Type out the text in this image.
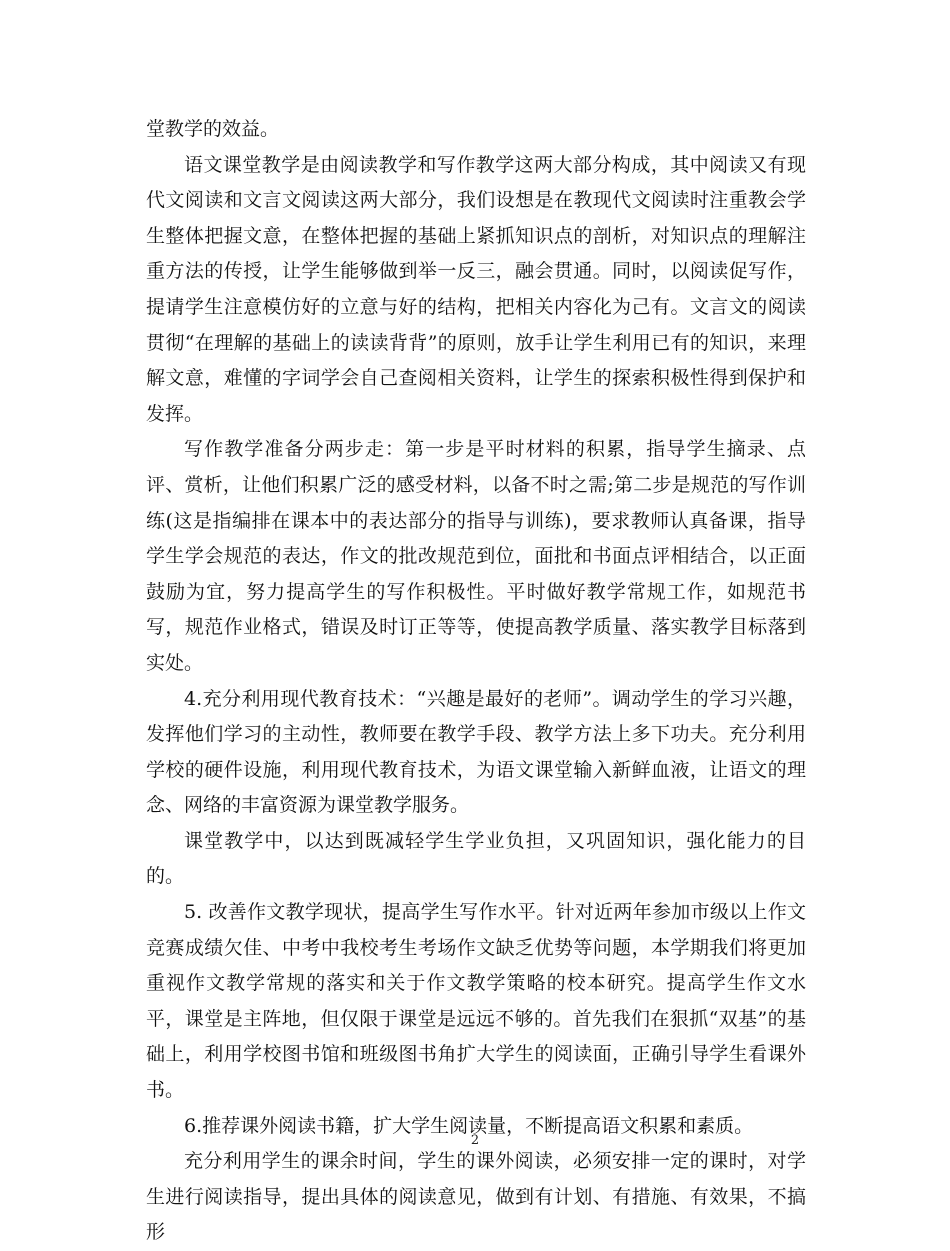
堂教学的效益。

语文课堂教学是由阅读教学和写作教学这两大部分构成，其中阅读又有现代文阅读和文言文阅读这两大部分，我们设想是在教现代文阅读时注重教会学生整体把握文意，在整体把握的基础上紧抓知识点的剖析，对知识点的理解注重方法的传授，让学生能够做到举一反三，融会贯通。同时，以阅读促写作，提请学生注意模仿好的立意与好的结构，把相关内容化为己有。文言文的阅读贯彻“在理解的基础上的读读背背”的原则，放手让学生利用已有的知识，来理解文意，难懂的字词学会自己查阅相关资料，让学生的探索积极性得到保护和发挥。

写作教学准备分两步走：第一步是平时材料的积累，指导学生摘录、点评、赏析，让他们积累广泛的感受材料，以备不时之需;第二步是规范的写作训练(这是指编排在课本中的表达部分的指导与训练)，要求教师认真备课，指导学生学会规范的表达，作文的批改规范到位，面批和书面点评相结合，以正面鼓励为宜，努力提高学生的写作积极性。平时做好教学常规工作，如规范书写，规范作业格式，错误及时订正等等，使提高教学质量、落实教学目标落到实处。

4.充分利用现代教育技术：“兴趣是最好的老师”。调动学生的学习兴趣，发挥他们学习的主动性，教师要在教学手段、教学方法上多下功夫。充分利用学校的硬件设施，利用现代教育技术，为语文课堂输入新鲜血液，让语文的理念、网络的丰富资源为课堂教学服务。

课堂教学中，以达到既减轻学生学业负担，又巩固知识，强化能力的目的。

5. 改善作文教学现状，提高学生写作水平。针对近两年参加市级以上作文竞赛成绩欠佳、中考中我校考生考场作文缺乏优势等问题，本学期我们将更加重视作文教学常规的落实和关于作文教学策略的校本研究。提高学生作文水平，课堂是主阵地，但仅限于课堂是远远不够的。首先我们在狠抓“双基”的基础上，利用学校图书馆和班级图书角扩大学生的阅读面，正确引导学生看课外书。

6.推荐课外阅读书籍，扩大学生阅读量，不断提高语文积累和素质。

充分利用学生的课余时间，学生的课外阅读，必须安排一定的课时，对学生进行阅读指导，提出具体的阅读意见，做到有计划、有措施、有效果，不搞形

2
